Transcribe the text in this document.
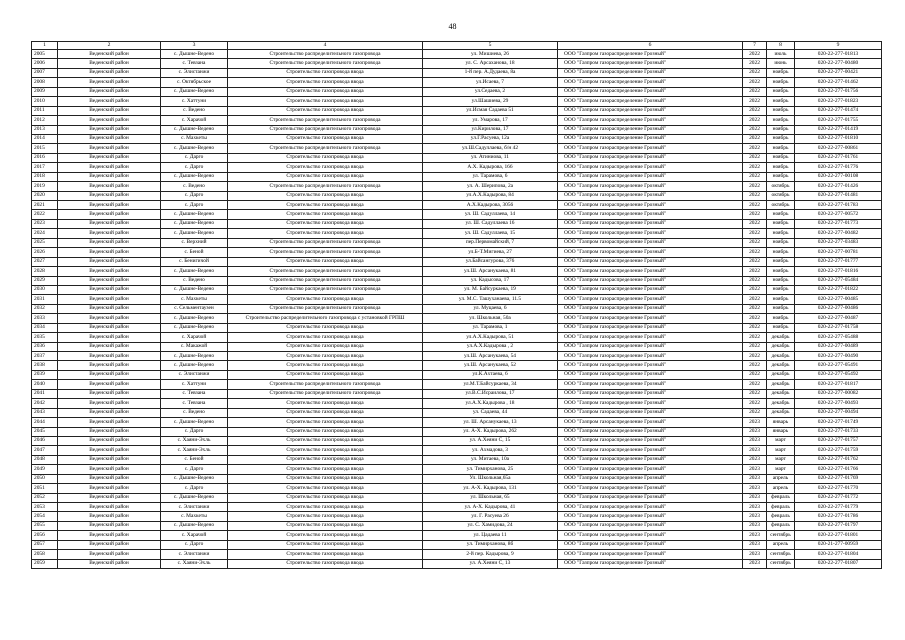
48
1	2	3	4	5	6	7	8	9
2005	Веденский район	с. Дышне-Ведено	Строительство распределительного газопровода	ул. Мишиева, 26	ООО "Газпром газораспределение Грозный"	2022	июль	020-22-277-01813
2006	Веденский район	с. Тевзана	Строительство распределительного газопровода	ул. С. Арсаханова, 18	ООО "Газпром газораспределение Грозный"	2022	июнь	020-22-277-00480
2007	Веденский район	с. Элистанжи	Строительство газопровода ввода	1-й пер. А.Дудаева, 8а	ООО "Газпром газораспределение Грозный"	2022	ноябрь	020-22-277-00421
2008	Веденский район	с. Октябрьское	Строительство газопровода ввода	ул.Исаева, 7	ООО "Газпром газораспределение Грозный"	2022	ноябрь	020-22-277-01462
2009	Веденский район	с. Дышне-Ведено	Строительство газопровода ввода	ул.Седаева, 2	ООО "Газпром газораспределение Грозный"	2022	ноябрь	020-22-277-01756
2010	Веденский район	с. Хаттуни	Строительство газопровода ввода	ул.Шашиева, 29	ООО "Газпром газораспределение Грозный"	2022	ноябрь	020-22-277-01823
2011	Веденский район	с. Ведено	Строительство газопровода ввода	ул.Исмая Садаева 51	ООО "Газпром газораспределение Грозный"	2022	ноябрь	020-22-277-01474
2012	Веденский район	с. Харачой	Строительство распределительного газопровода	ул. Умарова, 17	ООО "Газпром газораспределение Грозный"	2022	ноябрь	020-22-277-01755
2013	Веденский район	с. Дышне-Ведено	Строительство распределительного газопровода	ул.Кирилова, 17	ООО "Газпром газораспределение Грозный"	2022	ноябрь	020-22-277-01419
2014	Веденский район	с. Махкеты	Строительство газопровода ввода	ул.Г.Расуева, 12а	ООО "Газпром газораспределение Грозный"	2022	ноябрь	020-22-277-01810
2015	Веденский район	с. Дышне-Ведено	Строительство распределительного газопровода	ул.Ш.Садуллаева, б/н 42	ООО "Газпром газораспределение Грозный"	2022	ноябрь	020-22-277-00861
2016	Веденский район	с. Дарго	Строительство газопровода ввода	ул. Атиниова, 11	ООО "Газпром газораспределение Грозный"	2022	ноябрь	020-22-277-01761
2017	Веденский район	с. Дарго	Строительство газопровода ввода	А.Х. Кадырова, 166	ООО "Газпром газораспределение Грозный"	2022	ноябрь	020-22-277-01776
2018	Веденский район	с. Дышне-Ведено	Строительство газопровода ввода	ул. Тарамова, 6	ООО "Газпром газораспределение Грозный"	2022	ноябрь	020-22-277-00108
2019	Веденский район	с. Ведено	Строительство распределительного газопровода	ул. А. Шерипова, 2а	ООО "Газпром газораспределение Грозный"	2022	октябрь	020-22-277-01426
2020	Веденский район	с. Дарго	Строительство газопровода ввода	ул.А.Х.Кадырова, 84	ООО "Газпром газораспределение Грозный"	2022	октябрь	020-22-277-01481
2021	Веденский район	с. Дарго	Строительство газопровода ввода	А.Х.Кадырова, 3056	ООО "Газпром газораспределение Грозный"	2022	октябрь	020-22-277-01783
2022	Веденский район	с. Дышне-Ведено	Строительство газопровода ввода	ул. Ш. Садуллаева, 14	ООО "Газпром газораспределение Грозный"	2022	ноябрь	020-22-277-00572
2023	Веденский район	с. Дышне-Ведено	Строительство газопровода ввода	ул. Ш. Садуллаева 16	ООО "Газпром газораспределение Грозный"	2022	ноябрь	020-22-277-01773
2024	Веденский район	с. Дышне-Ведено	Строительство газопровода ввода	ул. Ш. Садуллаева, 15	ООО "Газпром газораспределение Грозный"	2022	ноябрь	020-22-277-00482
2025	Веденский район	с. Верхний	Строительство распределительного газопровода	пер.Первомайский, 7	ООО "Газпром газораспределение Грозный"	2022	ноябрь	020-22-277-03483
2026	Веденский район	с. Беной	Строительство распределительного газопровода	ул.Б-Т.Мигиева, 27	ООО "Газпром газораспределение Грозный"	2022	ноябрь	020-22-277-00781
2027	Веденский район	с. Бенигичой	Строительство газопровода ввода	ул.Байсангурова, 376	ООО "Газпром газораспределение Грозный"	2022	ноябрь	020-22-277-01777
2028	Веденский район	с. Дышне-Ведено	Строительство распределительного газопровода	ул.Ш. Арсанукаева, 81	ООО "Газпром газораспределение Грозный"	2022	ноябрь	020-22-277-01816
2029	Веденский район	с. Ведено	Строительство распределительного газопровода	ул. Кадысова, 17	ООО "Газпром газораспределение Грозный"	2022	ноябрь	020-22-277-05484
2030	Веденский район	с. Дышне-Ведено	Строительство распределительного газопровода	ул. М. Байсуркаева, 19	ООО "Газпром газораспределение Грозный"	2022	ноябрь	020-22-277-01822
2031	Веденский район	с. Махкеты	Строительство газопровода ввода	ул. М.С. Ташуханаева, 11.5	ООО "Газпром газораспределение Грозный"	2022	ноябрь	020-22-277-00485
2032	Веденский район	с. Сельментаузен	Строительство распределительного газопровода	ул. Муцаева, 6	ООО "Газпром газораспределение Грозный"	2022	ноябрь	020-22-277-00486
2033	Веденский район	с. Дышне-Ведено	Строительство распределительного газопровода с установкой ГРПШ	ул. Школьная, 50а	ООО "Газпром газораспределение Грозный"	2022	ноябрь	020-22-277-00487
2034	Веденский район	с. Дышне-Ведено	Строительство газопровода ввода	ул. Тарамова, 1	ООО "Газпром газораспределение Грозный"	2022	ноябрь	020-22-277-01758
2035	Веденский район	с. Харачой	Строительство газопровода ввода	ул.А.Х.Кадырова, 51	ООО "Газпром газораспределение Грозный"	2022	декабрь	020-22-277-05488
2036	Веденский район	с. Макажой	Строительство газопровода ввода	ул.А.Х.Кадырова , 2	ООО "Газпром газораспределение Грозный"	2022	декабрь	020-22-277-00489
2037	Веденский район	с. Дышне-Ведено	Строительство газопровода ввода	ул.Ш. Арсанукаева, 54	ООО "Газпром газораспределение Грозный"	2022	декабрь	020-22-277-00490
2038	Веденский район	с. Дышне-Ведено	Строительство газопровода ввода	ул.Ш. Арсанукаева, 52	ООО "Газпром газораспределение Грозный"	2022	декабрь	020-22-277-05491
2039	Веденский район	с. Элистанжи	Строительство газопровода ввода	ул.К.Ахтаева, 6	ООО "Газпром газораспределение Грозный"	2022	декабрь	020-22-277-05492
2040	Веденский район	с. Хаттуни	Строительство распределительного газопровода	ул.М.Т.Байсуркаева, 34	ООО "Газпром газораспределение Грозный"	2022	декабрь	020-22-277-01817
2041	Веденский район	с. Тевзана	Строительство распределительного газопровода	ул.В.С.Исраилова, 17	ООО "Газпром газораспределение Грозный"	2022	декабрь	020-22-277-00082
2042	Веденский район	с. Тевзана	Строительство газопровода ввода	ул.А.Х.Кадырова , 18	ООО "Газпром газораспределение Грозный"	2022	декабрь	020-22-277-00493
2043	Веденский район	с. Ведено	Строительство газопровода ввода	ул. Садаева, 44	ООО "Газпром газораспределение Грозный"	2022	декабрь	020-22-277-00494
2044	Веденский район	с. Дышне-Ведено	Строительство газопровода ввода	ул. Ш. Арсанукаева, 13	ООО "Газпром газораспределение Грозный"	2023	январь	020-22-277-01749
2045	Веденский район	с. Дарго	Строительство газопровода ввода	ул. А-Х. Кадырова, 262	ООО "Газпром газораспределение Грозный"	2023	январь	020-22-277-01733
2046	Веденский район	с. Хаяни-Эхль	Строительство газопровода ввода	ул. А.Хеяни С, 15	ООО "Газпром газораспределение Грозный"	2023	март	020-22-277-01757
2047	Веденский район	с. Хаяни-Эхль	Строительство газопровода ввода	ул. Ахмадова, 3	ООО "Газпром газораспределение Грозный"	2023	март	020-22-277-01759
2048	Веденский район	с. Беной	Строительство газопровода ввода	ул. Митаева, 10а	ООО "Газпром газораспределение Грозный"	2023	март	020-22-277-01762
2049	Веденский район	с. Дарго	Строительство газопровода ввода	ул. Тимирханова, 25	ООО "Газпром газораспределение Грозный"	2023	март	020-22-277-01766
2050	Веденский район	с. Дышне-Ведено	Строительство газопровода ввода	Ул. Школьная,65а	ООО "Газпром газораспределение Грозный"	2023	апрель	020-22-277-01769
2051	Веденский район	с. Дарго	Строительство газопровода ввода	ул. А-Х. Кадырова, 131	ООО "Газпром газораспределение Грозный"	2023	апрель	020-22-277-01770
2052	Веденский район	с. Дышне-Ведено	Строительство газопровода ввода	ул. Школьная, 65	ООО "Газпром газораспределение Грозный"	2023	февраль	020-22-277-01772
2053	Веденский район	с. Элистанжи	Строительство газопровода ввода	ул. А-Х. Кадырова, 41	ООО "Газпром газораспределение Грозный"	2023	февраль	020-22-277-01779
2054	Веденский район	с. Махкеты	Строительство газопровода ввода	ул. Г. Расуева 26	ООО "Газпром газораспределение Грозный"	2023	февраль	020-22-277-01786
2055	Веденский район	с. Дышне-Ведено	Строительство газопровода ввода	ул. С. Хамидова, 24	ООО "Газпром газораспределение Грозный"	2023	февраль	020-22-277-01797
2056	Веденский район	с. Харачой	Строительство газопровода ввода	ул. Цадаева 11	ООО "Газпром газораспределение Грозный"	2023	сентябрь	020-22-277-01801
2057	Веденский район	с. Дарго	Строительство газопровода ввода	ул. Тимирханова, 8б	ООО "Газпром газораспределение Грозный"	2023	апрель	020-21-277-00959
2058	Веденский район	с. Элистанжи	Строительство газопровода ввода	2-й пер. Кадырова, 9	ООО "Газпром газораспределение Грозный"	2023	сентябрь	020-22-277-01804
2059	Веденский район	с. Хаяни-Эхль	Строительство газопровода ввода	ул. А.Хеяни С, 13	ООО "Газпром газораспределение Грозный"	2023	сентябрь	020-22-277-01807
